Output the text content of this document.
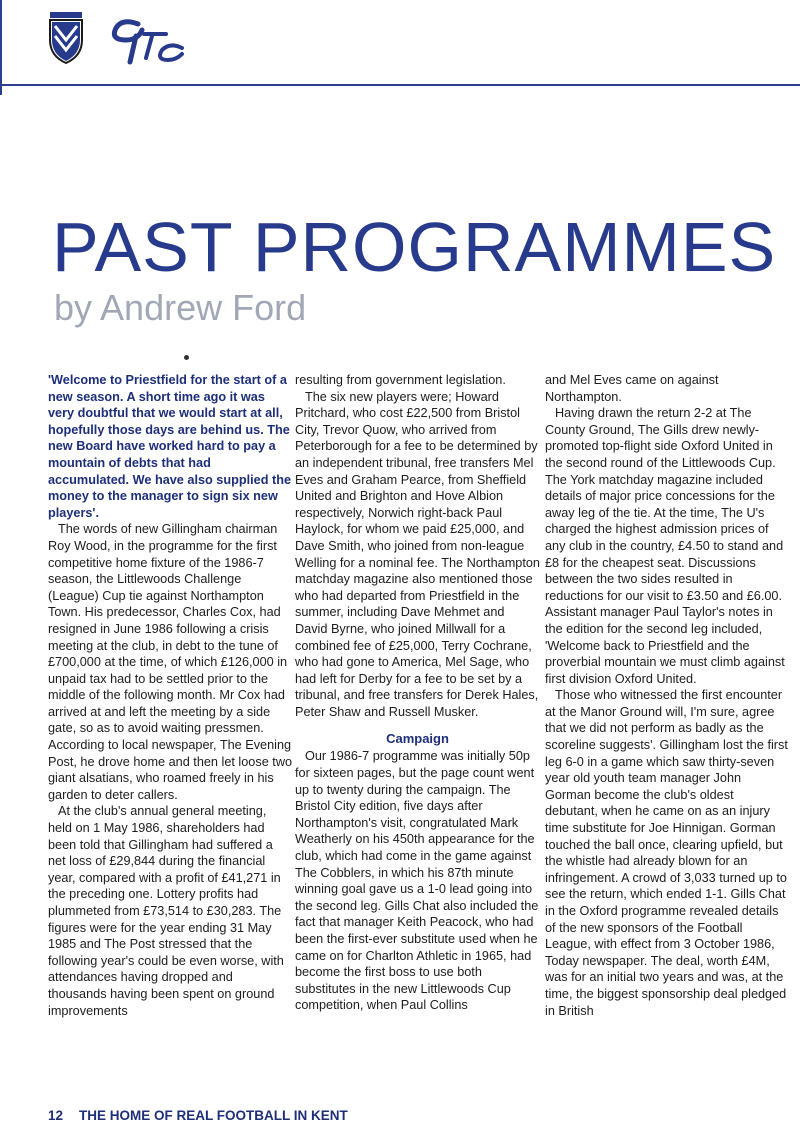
PAST PROGRAMMES
by Andrew Ford

'Welcome to Priestfield for the start of a new season. A short time ago it was very doubtful that we would start at all, hopefully those days are behind us. The new Board have worked hard to pay a mountain of debts that had accumulated. We have also supplied the money to the manager to sign six new players'.

The words of new Gillingham chairman Roy Wood, in the programme for the first competitive home fixture of the 1986-7 season, the Littlewoods Challenge (League) Cup tie against Northampton Town. His predecessor, Charles Cox, had resigned in June 1986 following a crisis meeting at the club, in debt to the tune of £700,000 at the time, of which £126,000 in unpaid tax had to be settled prior to the middle of the following month. Mr Cox had arrived at and left the meeting by a side gate, so as to avoid waiting pressmen. According to local newspaper, The Evening Post, he drove home and then let loose two giant alsatians, who roamed freely in his garden to deter callers.

At the club's annual general meeting, held on 1 May 1986, shareholders had been told that Gillingham had suffered a net loss of £29,844 during the financial year, compared with a profit of £41,271 in the preceding one. Lottery profits had plummeted from £73,514 to £30,283. The figures were for the year ending 31 May 1985 and The Post stressed that the following year's could be even worse, with attendances having dropped and thousands having been spent on ground improvements

resulting from government legislation.

The six new players were; Howard Pritchard, who cost £22,500 from Bristol City, Trevor Quow, who arrived from Peterborough for a fee to be determined by an independent tribunal, free transfers Mel Eves and Graham Pearce, from Sheffield United and Brighton and Hove Albion respectively, Norwich right-back Paul Haylock, for whom we paid £25,000, and Dave Smith, who joined from non-league Welling for a nominal fee. The Northampton matchday magazine also mentioned those who had departed from Priestfield in the summer, including Dave Mehmet and David Byrne, who joined Millwall for a combined fee of £25,000, Terry Cochrane, who had gone to America, Mel Sage, who had left for Derby for a fee to be set by a tribunal, and free transfers for Derek Hales, Peter Shaw and Russell Musker.

Campaign

Our 1986-7 programme was initially 50p for sixteen pages, but the page count went up to twenty during the campaign. The Bristol City edition, five days after Northampton's visit, congratulated Mark Weatherly on his 450th appearance for the club, which had come in the game against The Cobblers, in which his 87th minute winning goal gave us a 1-0 lead going into the second leg. Gills Chat also included the fact that manager Keith Peacock, who had been the first-ever substitute used when he came on for Charlton Athletic in 1965, had become the first boss to use both substitutes in the new Littlewoods Cup competition, when Paul Collins

and Mel Eves came on against Northampton.

Having drawn the return 2-2 at The County Ground, The Gills drew newly-promoted top-flight side Oxford United in the second round of the Littlewoods Cup. The York matchday magazine included details of major price concessions for the away leg of the tie. At the time, The U's charged the highest admission prices of any club in the country, £4.50 to stand and £8 for the cheapest seat. Discussions between the two sides resulted in reductions for our visit to £3.50 and £6.00. Assistant manager Paul Taylor's notes in the edition for the second leg included, 'Welcome back to Priestfield and the proverbial mountain we must climb against first division Oxford United.

Those who witnessed the first encounter at the Manor Ground will, I'm sure, agree that we did not perform as badly as the scoreline suggests'. Gillingham lost the first leg 6-0 in a game which saw thirty-seven year old youth team manager John Gorman become the club's oldest debutant, when he came on as an injury time substitute for Joe Hinnigan. Gorman touched the ball once, clearing upfield, but the whistle had already blown for an infringement. A crowd of 3,033 turned up to see the return, which ended 1-1. Gills Chat in the Oxford programme revealed details of the new sponsors of the Football League, with effect from 3 October 1986, Today newspaper. The deal, worth £4M, was for an initial two years and was, at the time, the biggest sponsorship deal pledged in British

12 THE HOME OF REAL FOOTBALL IN KENT
